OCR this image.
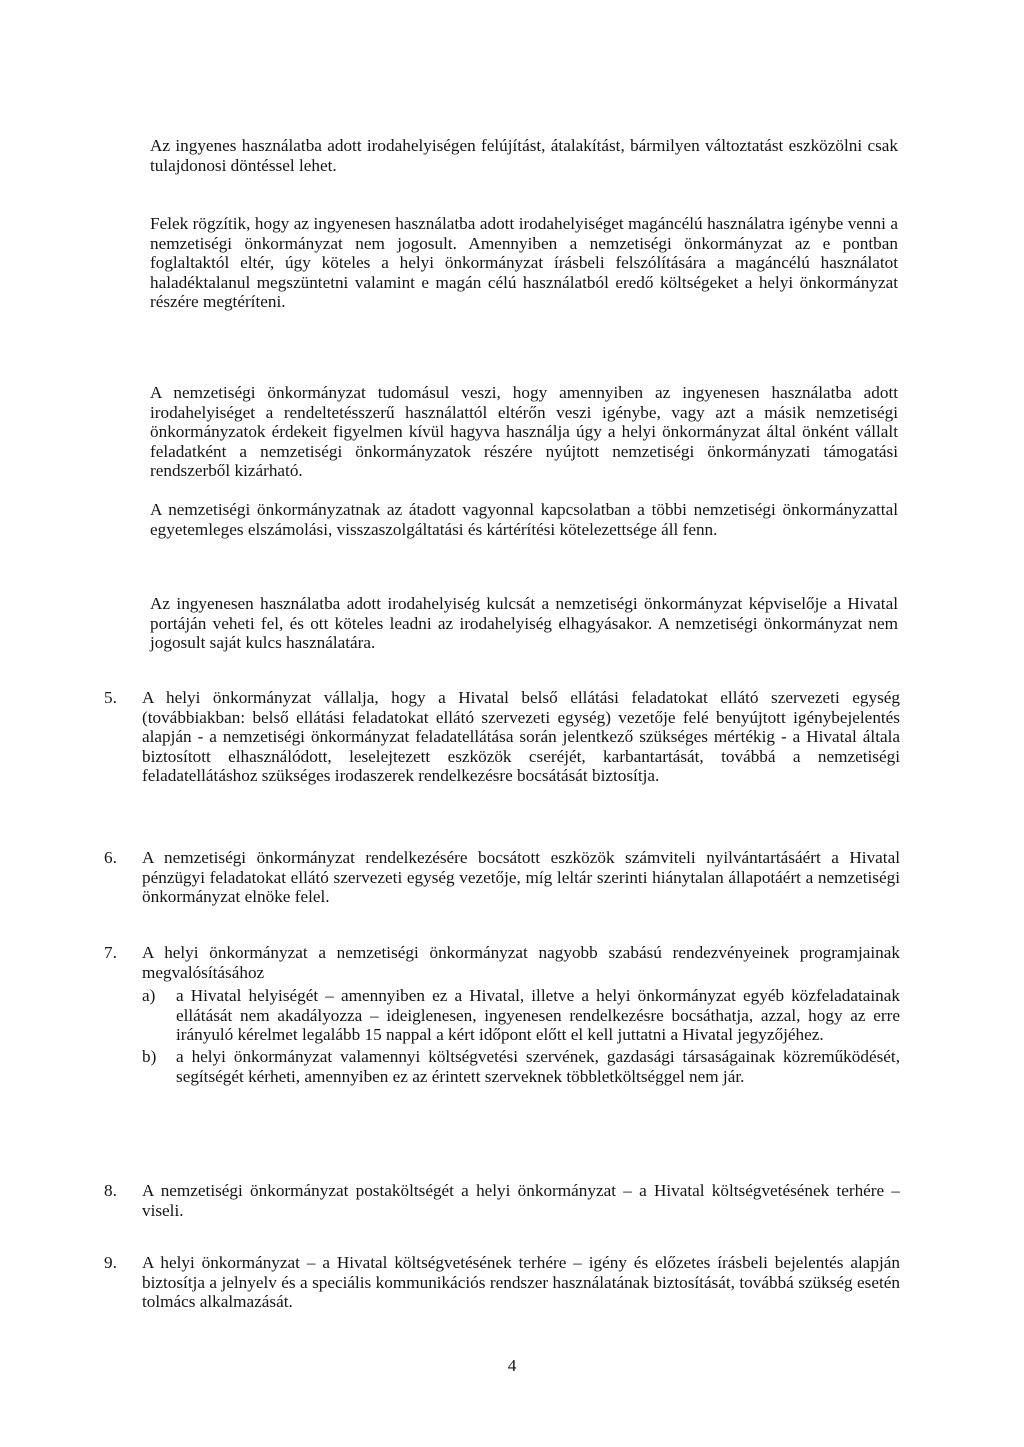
Az ingyenes használatba adott irodahelyiségen felújítást, átalakítást, bármilyen változtatást eszközölni csak tulajdonosi döntéssel lehet.

Felek rögzítik, hogy az ingyenesen használatba adott irodahelyiséget magáncélú használatra igénybe venni a nemzetiségi önkormányzat nem jogosult. Amennyiben a nemzetiségi önkormányzat az e pontban foglaltaktól eltér, úgy köteles a helyi önkormányzat írásbeli felszólítására a magáncélú használatot haladéktalanul megszüntetni valamint e magán célú használatból eredő költségeket a helyi önkormányzat részére megtéríteni.

A nemzetiségi önkormányzat tudomásul veszi, hogy amennyiben az ingyenesen használatba adott irodahelyiséget a rendeltetésszerű használattól eltérőn veszi igénybe, vagy azt a másik nemzetiségi önkormányzatok érdekeit figyelmen kívül hagyva használja úgy a helyi önkormányzat által önként vállalt feladatként a nemzetiségi önkormányzatok részére nyújtott nemzetiségi önkormányzati támogatási rendszerből kizárható.

A nemzetiségi önkormányzatnak az átadott vagyonnal kapcsolatban a többi nemzetiségi önkormányzattal egyetemleges elszámolási, visszaszolgáltatási és kártérítési kötelezettsége áll fenn.

Az ingyenesen használatba adott irodahelyiség kulcsát a nemzetiségi önkormányzat képviselője a Hivatal portáján veheti fel, és ott köteles leadni az irodahelyiség elhagyásakor. A nemzetiségi önkormányzat nem jogosult saját kulcs használatára.

5.	A helyi önkormányzat vállalja, hogy a Hivatal belső ellátási feladatokat ellátó szervezeti egység (továbbiakban: belső ellátási feladatokat ellátó szervezeti egység) vezetője felé benyújtott igénybejelentés alapján - a nemzetiségi önkormányzat feladatellátása során jelentkező szükséges mértékig - a Hivatal általa biztosított elhasználódott, leselejtezett eszközök cseréjét, karbantartását, továbbá a nemzetiségi feladatellátáshoz szükséges irodaszerek rendelkezésre bocsátását biztosítja.
6.	A nemzetiségi önkormányzat rendelkezésére bocsátott eszközök számviteli nyilvántartásáért a Hivatal pénzügyi feladatokat ellátó szervezeti egység vezetője, míg leltár szerinti hiánytalan állapotáért a nemzetiségi önkormányzat elnöke felel.
7.	A helyi önkormányzat a nemzetiségi önkormányzat nagyobb szabású rendezvényeinek programjainak megvalósításához
a) a Hivatal helyiségét – amennyiben ez a Hivatal, illetve a helyi önkormányzat egyéb közfeladatainak ellátását nem akadályozza – ideiglenesen, ingyenesen rendelkezésre bocsáthatja, azzal, hogy az erre irányuló kérelmet legalább 15 nappal a kért időpont előtt el kell juttatni a Hivatal jegyzőjéhez.
b) a helyi önkormányzat valamennyi költségvetési szervének, gazdasági társaságainak közreműködését, segítségét kérheti, amennyiben ez az érintett szerveknek többletköltséggel nem jár.
8.	A nemzetiségi önkormányzat postaköltségét a helyi önkormányzat – a Hivatal költségvetésének terhére – viseli.
9.	A helyi önkormányzat – a Hivatal költségvetésének terhére – igény és előzetes írásbeli bejelentés alapján biztosítja a jelnyelv és a speciális kommunikációs rendszer használatának biztosítását, továbbá szükség esetén tolmács alkalmazását.
4
